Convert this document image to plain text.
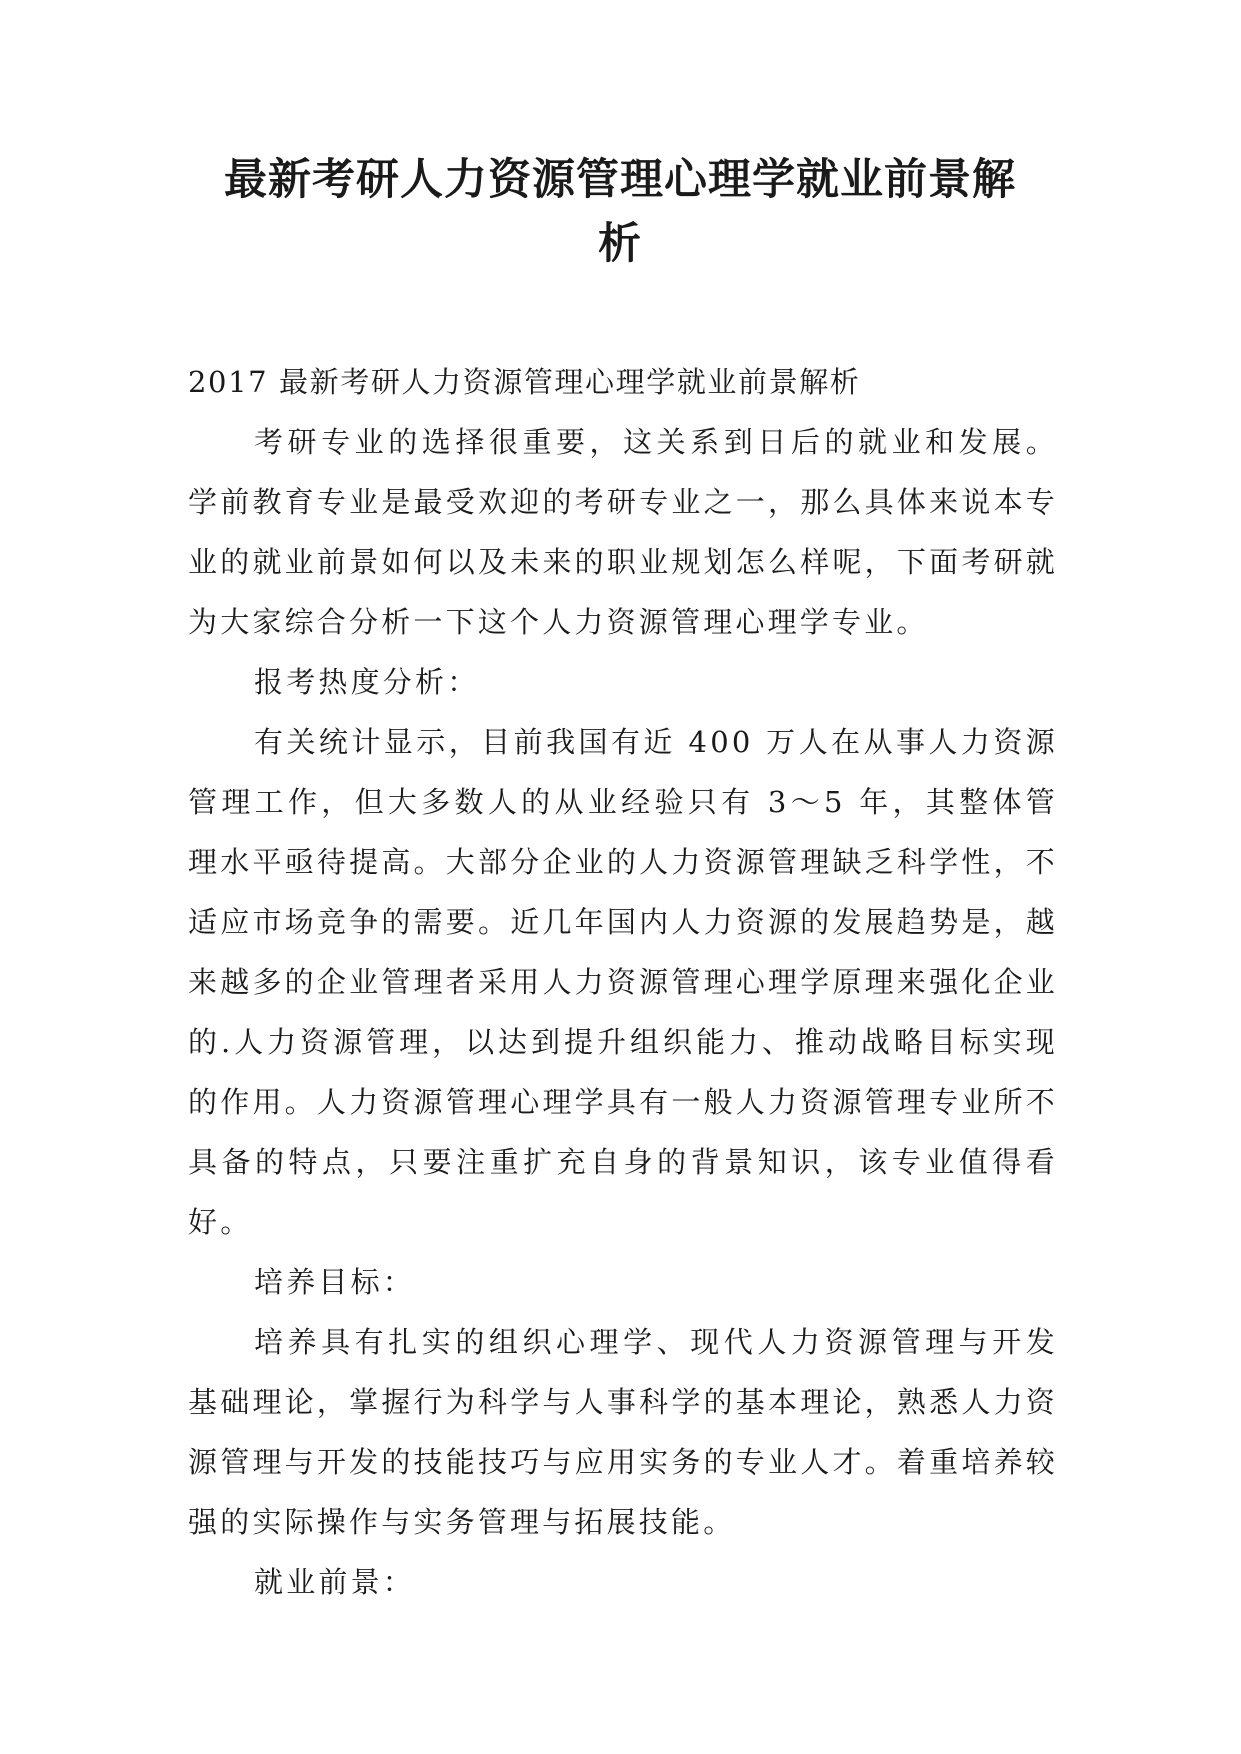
最新考研人力资源管理心理学就业前景解
析

2017 最新考研人力资源管理心理学就业前景解析

考研专业的选择很重要，这关系到日后的就业和发展。学前教育专业是最受欢迎的考研专业之一，那么具体来说本专业的就业前景如何以及未来的职业规划怎么样呢，下面考研就为大家综合分析一下这个人力资源管理心理学专业。

报考热度分析：

有关统计显示，目前我国有近 400 万人在从事人力资源管理工作，但大多数人的从业经验只有 3～5 年，其整体管理水平亟待提高。大部分企业的人力资源管理缺乏科学性，不适应市场竞争的需要。近几年国内人力资源的发展趋势是，越来越多的企业管理者采用人力资源管理心理学原理来强化企业的.人力资源管理，以达到提升组织能力、推动战略目标实现的作用。人力资源管理心理学具有一般人力资源管理专业所不具备的特点，只要注重扩充自身的背景知识，该专业值得看好。

培养目标：

培养具有扎实的组织心理学、现代人力资源管理与开发基础理论，掌握行为科学与人事科学的基本理论，熟悉人力资源管理与开发的技能技巧与应用实务的专业人才。着重培养较强的实际操作与实务管理与拓展技能。

就业前景：
